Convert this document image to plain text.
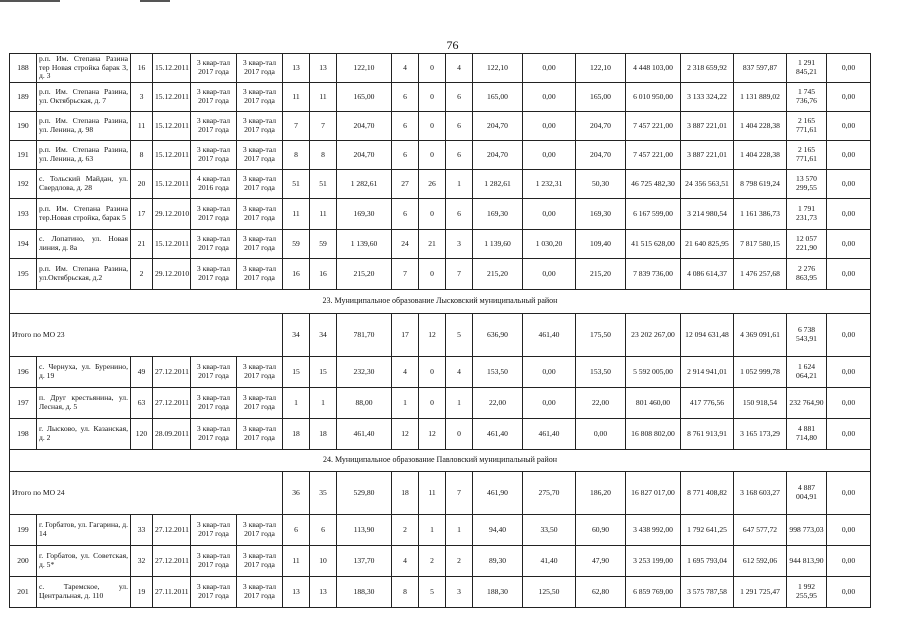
76
188	р.п. Им. Степана Разина тер Новая стройка барак 3, д. 3	16	15.12.2011	3 квар-тал 2017 года	3 квар-тал 2017 года	13	13	122,10	4	0	4	122,10	0,00	122,10	4 448 103,00	2 318 659,92	837 597,87	1 291 845,21	0,00
189	р.п. Им. Степана Разина, ул. Октябрьская, д. 7	3	15.12.2011	3 квар-тал 2017 года	3 квар-тал 2017 года	11	11	165,00	6	0	6	165,00	0,00	165,00	6 010 950,00	3 133 324,22	1 131 889,02	1 745 736,76	0,00
190	р.п. Им. Степана Разина, ул. Ленина, д. 98	11	15.12.2011	3 квар-тал 2017 года	3 квар-тал 2017 года	7	7	204,70	6	0	6	204,70	0,00	204,70	7 457 221,00	3 887 221,01	1 404 228,38	2 165 771,61	0,00
191	р.п. Им. Степана Разина, ул. Ленина, д. 63	8	15.12.2011	3 квар-тал 2017 года	3 квар-тал 2017 года	8	8	204,70	6	0	6	204,70	0,00	204,70	7 457 221,00	3 887 221,01	1 404 228,38	2 165 771,61	0,00
192	с. Тольский Майдан, ул. Свердлова, д. 28	20	15.12.2011	4 квар-тал 2016 года	3 квар-тал 2017 года	51	51	1 282,61	27	26	1	1 282,61	1 232,31	50,30	46 725 482,30	24 356 563,51	8 798 619,24	13 570 299,55	0,00
193	р.п. Им. Степана Разина тер.Новая стройка, барак 5	17	29.12.2010	3 квар-тал 2017 года	3 квар-тал 2017 года	11	11	169,30	6	0	6	169,30	0,00	169,30	6 167 599,00	3 214 980,54	1 161 386,73	1 791 231,73	0,00
194	с. Лопатино, ул. Новая линия, д. 8а	21	15.12.2011	3 квар-тал 2017 года	3 квар-тал 2017 года	59	59	1 139,60	24	21	3	1 139,60	1 030,20	109,40	41 515 628,00	21 640 825,95	7 817 580,15	12 057 221,90	0,00
195	р.п. Им. Степана Разина, ул.Октябрьская, д.2	2	29.12.2010	3 квар-тал 2017 года	3 квар-тал 2017 года	16	16	215,20	7	0	7	215,20	0,00	215,20	7 839 736,00	4 086 614,37	1 476 257,68	2 276 863,95	0,00
23. Муниципальное образование Лысковский муниципальный район																			
Итого по МО 23						34	34	781,70	17	12	5	636,90	461,40	175,50	23 202 267,00	12 094 631,48	4 369 091,61	6 738 543,91	0,00
196	с. Чернуха, ул. Буренино, д. 19	49	27.12.2011	3 квар-тал 2017 года	3 квар-тал 2017 года	15	15	232,30	4	0	4	153,50	0,00	153,50	5 592 005,00	2 914 941,01	1 052 999,78	1 624 064,21	0,00
197	п. Друг крестьянина, ул. Лесная, д. 5	63	27.12.2011	3 квар-тал 2017 года	3 квар-тал 2017 года	1	1	88,00	1	0	1	22,00	0,00	22,00	801 460,00	417 776,56	150 918,54	232 764,90	0,00
198	г. Лысково, ул. Казанская, д. 2	120	28.09.2011	3 квар-тал 2017 года	3 квар-тал 2017 года	18	18	461,40	12	12	0	461,40	461,40	0,00	16 808 802,00	8 761 913,91	3 165 173,29	4 881 714,80	0,00
24. Муниципальное образование Павловский муниципальный район																			
Итого по МО 24						36	35	529,80	18	11	7	461,90	275,70	186,20	16 827 017,00	8 771 408,82	3 168 603,27	4 887 004,91	0,00
199	г. Горбатов, ул. Гагарина, д. 14	33	27.12.2011	3 квар-тал 2017 года	3 квар-тал 2017 года	6	6	113,90	2	1	1	94,40	33,50	60,90	3 438 992,00	1 792 641,25	647 577,72	998 773,03	0,00
200	г. Горбатов, ул. Советская, д. 5*	32	27.12.2011	3 квар-тал 2017 года	3 квар-тал 2017 года	11	10	137,70	4	2	2	89,30	41,40	47,90	3 253 199,00	1 695 793,04	612 592,06	944 813,90	0,00
201	с. Таремское, ул. Центральная, д. 110	19	27.11.2011	3 квар-тал 2017 года	3 квар-тал 2017 года	13	13	188,30	8	5	3	188,30	125,50	62,80	6 859 769,00	3 575 787,58	1 291 725,47	1 992 255,95	0,00
